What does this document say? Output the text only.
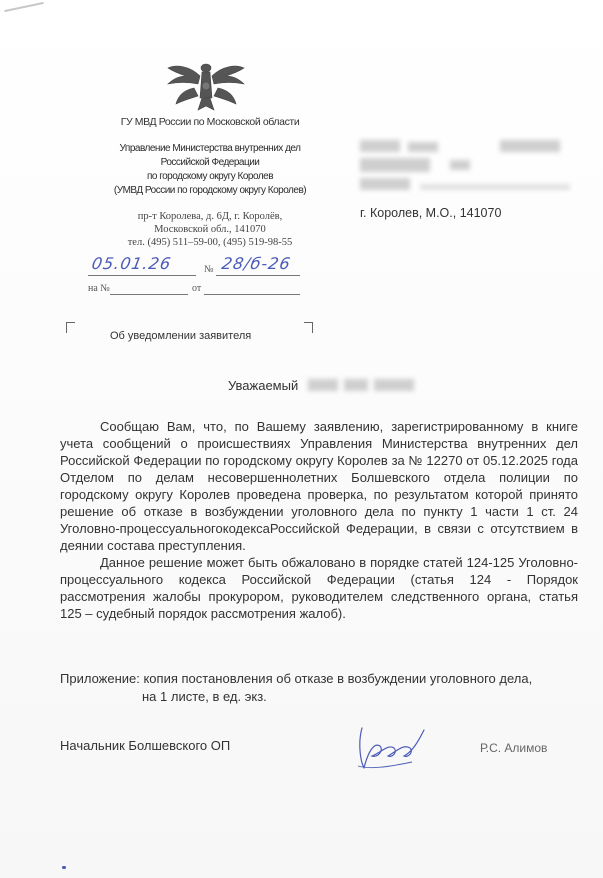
ГУ МВД России по Московской области
Управление Министерства внутренних дел
Российской Федерации
по городскому округу Королев
(УМВД России по городскому округу Королев)
пр-т Королева, д. 6Д, г. Королёв,
Московской обл., 141070
тел. (495) 511–59-00, (495) 519-98-55
05.01.26	№ 28/б-26
на №	от
г. Королев, М.О., 141070
Об уведомлении заявителя
Уважаемый

Сообщаю Вам, что, по Вашему заявлению, зарегистрированному в книге учета сообщений о происшествиях Управления Министерства внутренних дел Российской Федерации по городскому округу Королев за № 12270 от 05.12.2025 года Отделом по делам несовершеннолетних Болшевского отдела полиции по городскому округу Королев проведена проверка, по результатом которой принято решение об отказе в возбуждении уголовного дела по пункту 1 части 1 ст. 24 Уголовно-процессуальногокодексаРоссийской Федерации, в связи с отсутствием в деянии состава преступления.

Данное решение может быть обжаловано в порядке статей 124-125 Уголовно-процессуального кодекса Российской Федерации (статья 124 - Порядок рассмотрения жалобы прокурором, руководителем следственного органа, статья 125 – судебный порядок рассмотрения жалоб).

Приложение: копия постановления об отказе в возбуждении уголовного дела,
на 1 листе, в ед. экз.
Начальник Болшевского ОП	Р.С. Алимов
